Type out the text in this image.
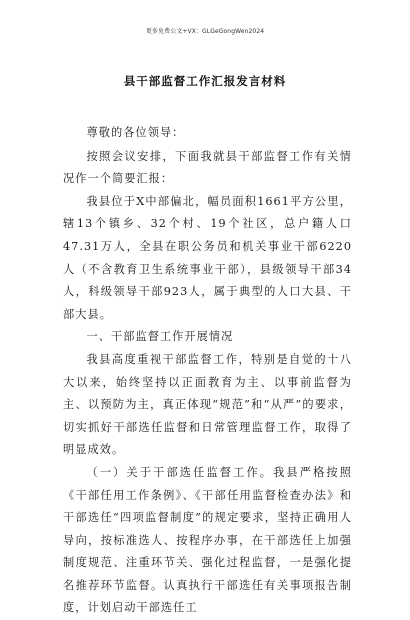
更多免费公文+VX：GLGeGongWen2024
县干部监督工作汇报发言材料

尊敬的各位领导：

按照会议安排，下面我就县干部监督工作有关情况作一个简要汇报：

我县位于X中部偏北，幅员面积1661平方公里，辖13个镇乡、32个村、19个社区，总户籍人口47.31万人，全县在职公务员和机关事业干部6220人（不含教育卫生系统事业干部），县级领导干部34人，科级领导干部923人，属于典型的人口大县、干部大县。

一、干部监督工作开展情况

我县高度重视干部监督工作，特别是自觉的十八大以来，始终坚持以正面教育为主、以事前监督为主、以预防为主，真正体现“规范”和“从严”的要求，切实抓好干部选任监督和日常管理监督工作，取得了明显成效。

（一）关于干部选任监督工作。我县严格按照《干部任用工作条例》、《干部任用监督检查办法》和干部选任“四项监督制度”的规定要求，坚持正确用人导向，按标准选人、按程序办事，在干部选任上加强制度规范、注重环节关、强化过程监督，一是强化提名推荐环节监督。认真执行干部选任有关事项报告制度，计划启动干部选任工
